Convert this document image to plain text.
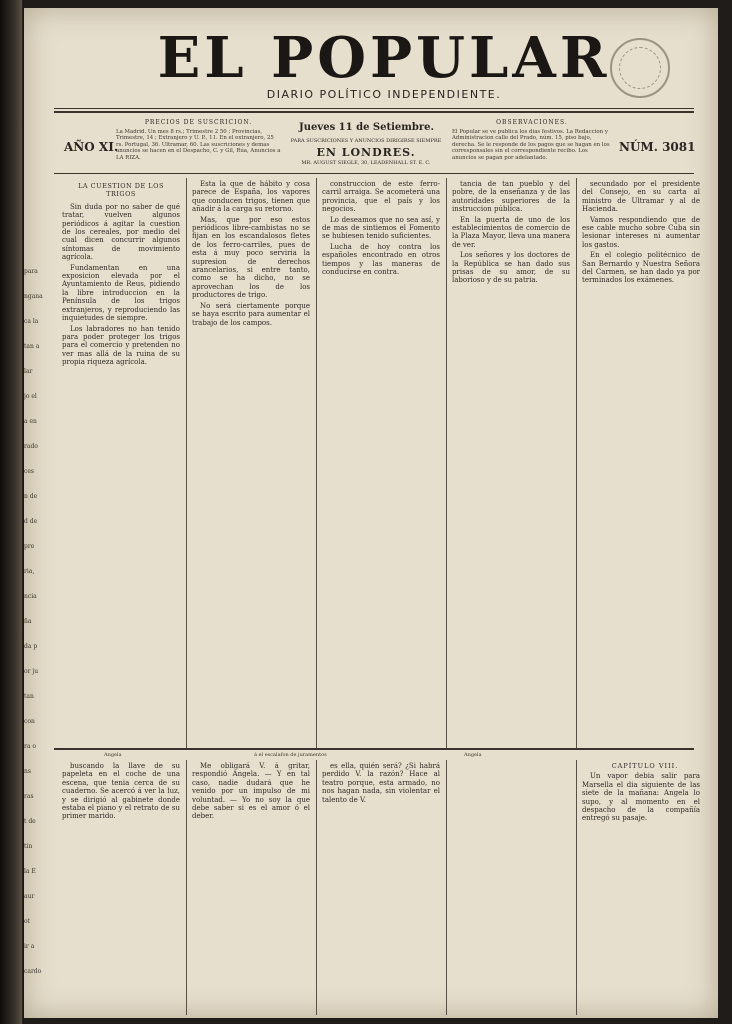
para
ngana
ca la
tan a
lar
jo el
a en
rado
ces
n de
d de
pre
ria,
ncia
ña
da p
or ju
tan
con
ra o
ns
ras
t de
tin
la E
aur
ot
ir a
cardo
EL POPULAR
DIARIO POLÍTICO INDEPENDIENTE.
AÑO XI.	NÚM. 3081
PRECIOS DE SUSCRICION.
La Madrid. Un mes 8 rs.; Trimestre 2 50 ; Provincias, Trimestre, 14 ; Extranjero y U. P., 11. En el extranjero, 25 rs. Portugal, 36. Ultramar, 60. Las suscriciones y demas anuncios se hacen en el Despacho, C. y Gil, Rúa, Anuncios a LA RIZA.
Jueves 11 de Setiembre.
PARA SUSCRICIONES Y ANUNCIOS DIRIGIRSE SIEMPRE
EN LONDRES.
MR. AUGUST SIEGLE, 30, LEADENHALL ST. E. C.
OBSERVACIONES.
El Popular se ve publica los dias festivos. La Redaccion y Administracion calle del Prado, núm. 15, piso bajo, derecha. Se le responde de los pagos que se hagan en los corresponsales sin el correspondiente recibo. Los anuncios se pagan por adelantado.

LA CUESTION DE LOS TRIGOS

Sin duda por no saber de qué tratar, vuelven algunos periódicos á agitar la cuestion de los cereales, por medio del cual dicen concurrir algunos síntomas de movimiento agrícola.

Fundamentan en una exposicion elevada por el Ayuntamiento de Reus, pidiendo la libre introduccion en la Península de los trigos extranjeros, y reproduciendo las inquietudes de siempre.

Los labradores no han tenido para poder proteger los trigos para el comercio y pretenden no ver mas allá de la ruina de su propia riqueza agrícola.

Esta la que de hábito y cosa parece de España, los vapores que conducen trigos, tienen que añadir á la carga su retorno.

Mas, que por eso estos periódicos libre-cambistas no se fijan en los escandalosos fletes de los ferro-carriles, pues de esta á muy poco serviria la supresion de derechos arancelarios, si entre tanto, como se ha dicho, no se aprovechan los de los productores de trigo.

No será ciertamente porque se haya escrito para aumentar el trabajo de los campos.

construccion de este ferro-carril arraiga. Se acometerá una provincia, que el país y los negocios.

Lo deseamos que no sea así, y de mas de sintiemos el Fomento se hubiesen tenido suficientes.

Lucha de hoy contra los españoles encontrado en otros tiempos y las maneras de conducirse en contra.

tancia de tan pueblo y del pobre, de la enseñanza y de las autoridades superiores de la instruccion pública.

En la puerta de uno de los establecimientos de comercio de la Plaza Mayor, lleva una manera de ver.

Los señores y los doctores de la República se han dado sus prisas de su amor, de su laborioso y de su patria.

secundado por el presidente del Consejo, en su carta al ministro de Ultramar y al de Hacienda.

Vamos respondiendo que de ese cable mucho sobre Cuba sin lesionar intereses ni aumentar los gastos.

En el colegio politécnico de San Bernardo y Nuestra Señora del Carmen, se han dado ya por terminados los exámenes.

Angela	á el escalafon de juramentos	Angela

buscando la llave de su papeleta en el coche de una escena, que tenia cerca de su cuaderno. Se acercó á ver la luz, y se dirigió al gabinete donde estaba el piano y el retrato de su primer marido.

Me obligará V. á gritar, respondió Angela. — Y en tal caso, nadie dudará que he venido por un impulso de mi voluntad. — Yo no soy la que debe saber si es el amor ó el deber.

es ella, quién será? ¿Si habrá perdido V. la razón? Hace al teatro porque, esta armado, no nos hagan nada, sin violentar el talento de V.

CAPÍTULO VIII.

Un vapor debia salir para Marsella el dia siguiente de las siete de la mañana: Angela lo supo, y al momento en el despacho de la compañía entregó su pasaje.
